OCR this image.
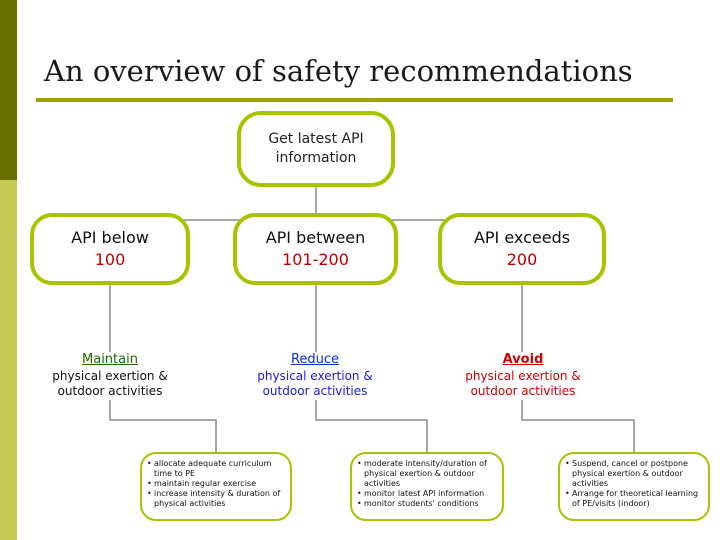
An overview of safety recommendations
Get latest API
information
API below
100
API between
101-200
API exceeds
200
Maintain
physical exertion & outdoor activities
Reduce
physical exertion & outdoor activities
Avoid
physical exertion & outdoor activities
• allocate adequate curriculum time to PE
• maintain regular exercise
• increase intensity & duration of physical activities
• moderate intensity/duration of physical exertion & outdoor activities
• monitor latest API information
• monitor students' conditions
• Suspend, cancel or postpone physical exertion & outdoor activities
• Arrange for theoretical learning of PE/visits (indoor)
